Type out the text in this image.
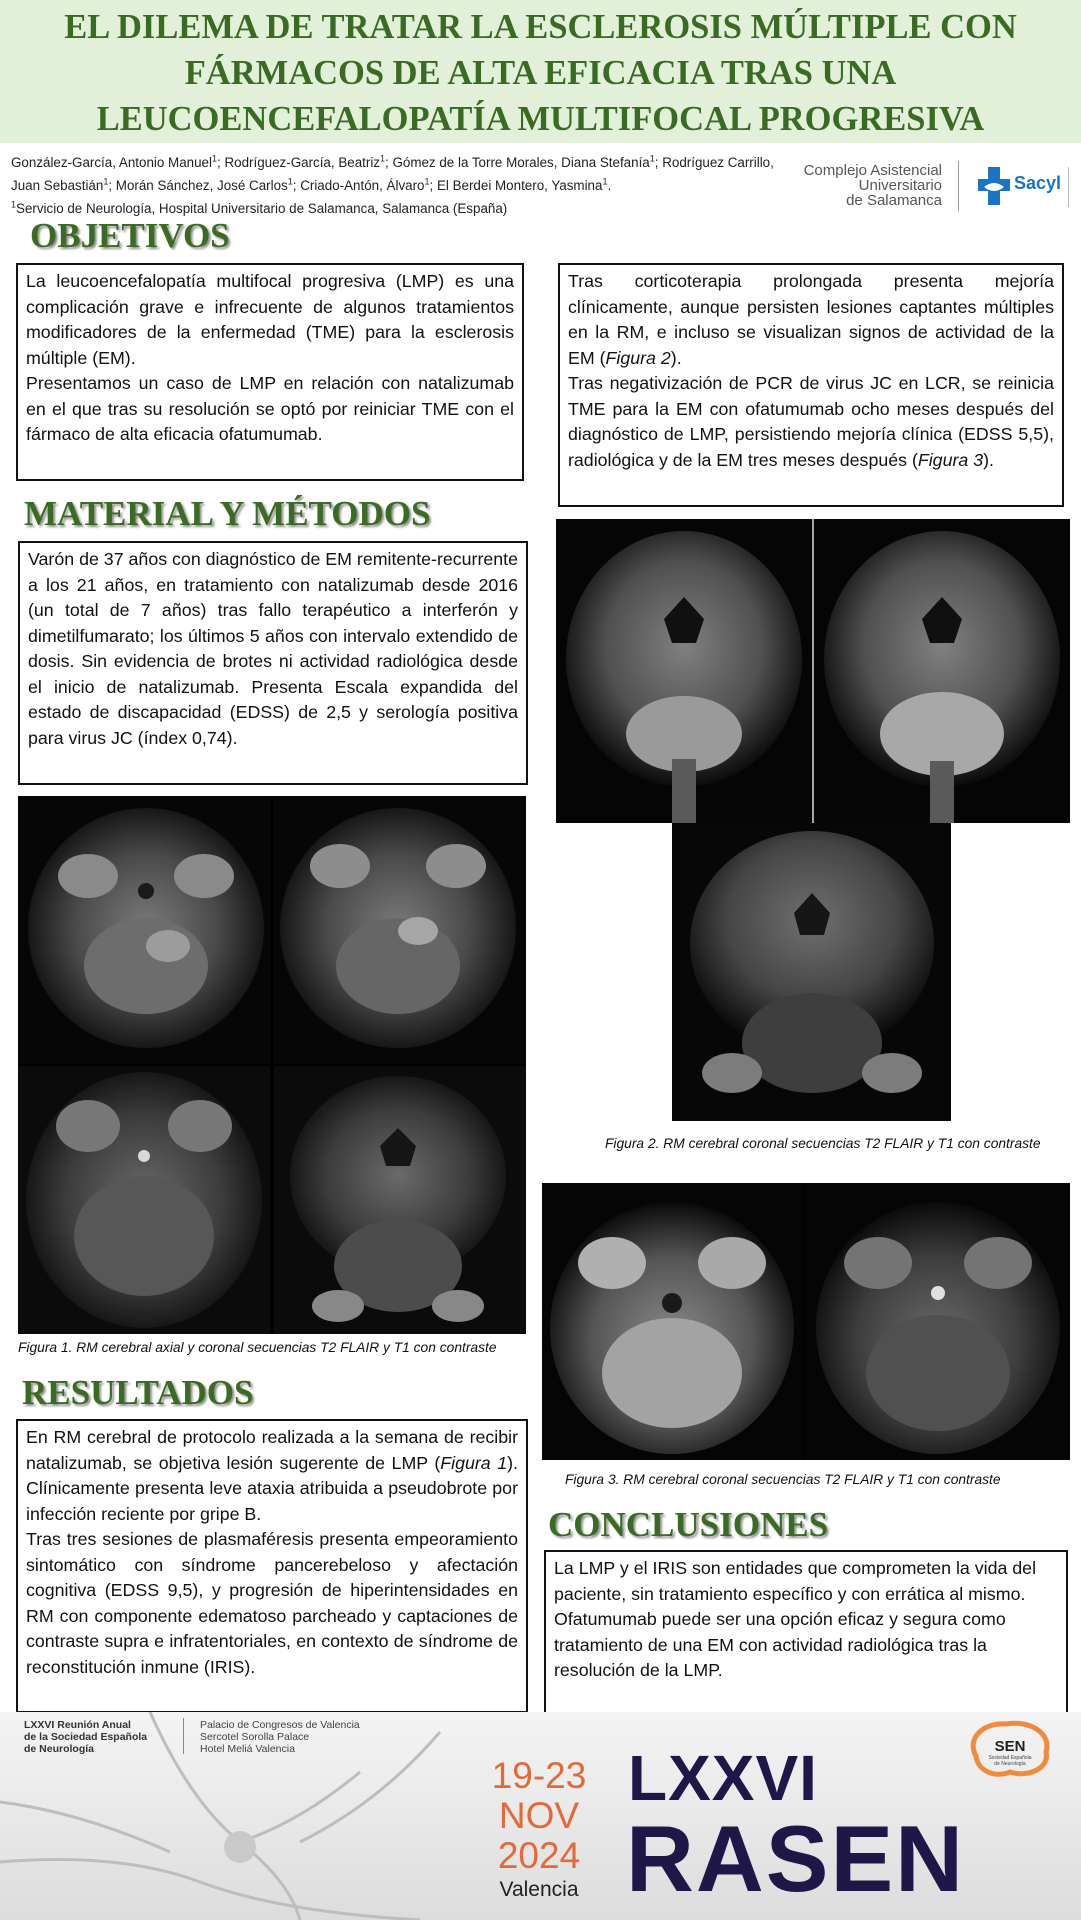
EL DILEMA DE TRATAR LA ESCLEROSIS MÚLTIPLE CON FÁRMACOS DE ALTA EFICACIA TRAS UNA LEUCOENCEFALOPATÍA MULTIFOCAL PROGRESIVA
González-García, Antonio Manuel$^1$; Rodríguez-García, Beatriz$^1$; Gómez de la Torre Morales, Diana Stefanía$^1$; Rodríguez Carrillo, Juan Sebastián$^1$; Morán Sánchez, José Carlos$^1$; Criado-Antón, Álvaro$^1$; El Berdei Montero, Yasmina$^1$.
$^1$Servicio de Neurología, Hospital Universitario de Salamanca, Salamanca (España)
Complejo Asistencial
Universitario
de Salamanca
Sacyl
OBJETIVOS

La leucoencefalopatía multifocal progresiva (LMP) es una complicación grave e infrecuente de algunos tratamientos modificadores de la enfermedad (TME) para la esclerosis múltiple (EM).

Presentamos un caso de LMP en relación con natalizumab en el que tras su resolución se optó por reiniciar TME con el fármaco de alta eficacia ofatumumab.

MATERIAL Y MÉTODOS

Varón de 37 años con diagnóstico de EM remitente-recurrente a los 21 años, en tratamiento con natalizumab desde 2016 (un total de 7 años) tras fallo terapéutico a interferón y dimetilfumarato; los últimos 5 años con intervalo extendido de dosis. Sin evidencia de brotes ni actividad radiológica desde el inicio de natalizumab. Presenta Escala expandida del estado de discapacidad (EDSS) de 2,5 y serología positiva para virus JC (índex 0,74).

Figura 1. RM cerebral axial y coronal secuencias T2 FLAIR y T1 con contraste
RESULTADOS

En RM cerebral de protocolo realizada a la semana de recibir natalizumab, se objetiva lesión sugerente de LMP (Figura 1). Clínicamente presenta leve ataxia atribuida a pseudobrote por infección reciente por gripe B.

Tras tres sesiones de plasmaféresis presenta empeoramiento sintomático con síndrome pancerebeloso y afectación cognitiva (EDSS 9,5), y progresión de hiperintensidades en RM con componente edematoso parcheado y captaciones de contraste supra e infratentoriales, en contexto de síndrome de reconstitución inmune (IRIS).

Tras corticoterapia prolongada presenta mejoría clínicamente, aunque persisten lesiones captantes múltiples en la RM, e incluso se visualizan signos de actividad de la EM (Figura 2).

Tras negativización de PCR de virus JC en LCR, se reinicia TME para la EM con ofatumumab ocho meses después del diagnóstico de LMP, persistiendo mejoría clínica (EDSS 5,5), radiológica y de la EM tres meses después (Figura 3).

Figura 2. RM cerebral coronal secuencias T2 FLAIR y T1 con contraste
Figura 3. RM cerebral coronal secuencias T2 FLAIR y T1 con contraste
CONCLUSIONES

La LMP y el IRIS son entidades que comprometen la vida del paciente, sin tratamiento específico y con errática al mismo.

Ofatumumab puede ser una opción eficaz y segura como tratamiento de una EM con actividad radiológica tras la resolución de la LMP.

LXXVI Reunión Anual
de la Sociedad Española
de Neurología
Palacio de Congresos de Valencia
Sercotel Sorolla Palace
Hotel Meliá Valencia
19-23
NOV
2024
Valencia
LXXVI
RASEN
SEN
Sociedad Española
de Neurología
